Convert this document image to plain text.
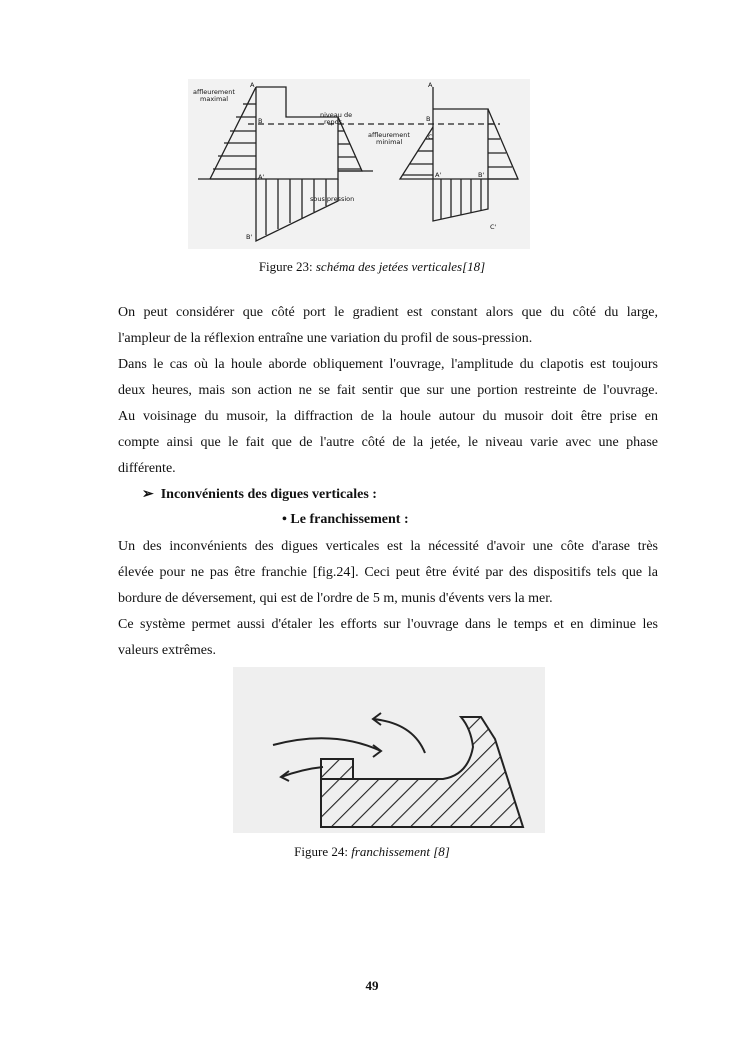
affleurement
maximal
niveau de
repos
affleurement
minimal
sous pression
A
B
A'
B'
A
B
C
A'	B'
C'
Figure 23: schéma des jetées verticales[18]
On peut considérer que côté port le gradient est constant alors que du côté du large,
l'ampleur de la réflexion entraîne une variation du profil de sous-pression.
Dans le cas où la houle aborde obliquement l'ouvrage, l'amplitude du clapotis est toujours
deux heures, mais son action ne se fait sentir que sur une portion restreinte de l'ouvrage.
Au voisinage du musoir, la diffraction de la houle autour du musoir doit être prise en
compte ainsi que le fait que de l'autre côté de la jetée, le niveau varie avec une phase
différente.
➢ Inconvénients des digues verticales :
• Le franchissement :
Un des inconvénients des digues verticales est la nécessité d'avoir une côte d'arase très
élevée pour ne pas être franchie [fig.24]. Ceci peut être évité par des dispositifs tels que la
bordure de déversement, qui est de l'ordre de 5 m, munis d'évents vers la mer.
Ce système permet aussi d'étaler les efforts sur l'ouvrage dans le temps et en diminue les
valeurs extrêmes.
Figure 24: franchissement [8]
49
